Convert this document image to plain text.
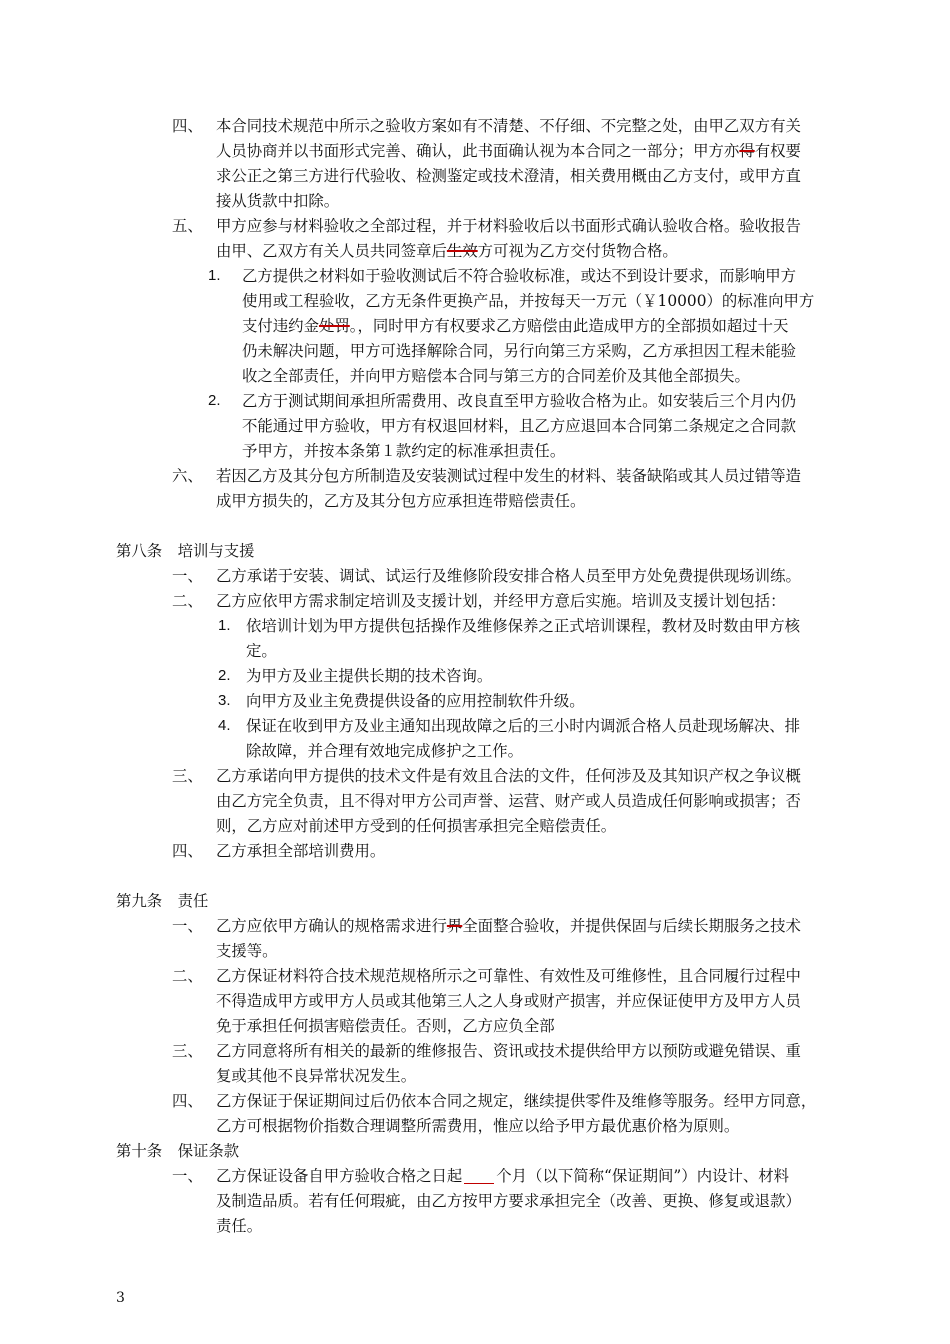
四、 本合同技术规范中所示之验收方案如有不清楚、不仔细、不完整之处，由甲乙双方有关
人员协商并以书面形式完善、确认，此书面确认视为本合同之一部分；甲方亦得有权要
求公正之第三方进行代验收、检测鉴定或技术澄清，相关费用概由乙方支付，或甲方直
接从货款中扣除。
五、 甲方应参与材料验收之全部过程，并于材料验收后以书面形式确认验收合格。验收报告
由甲、乙双方有关人员共同签章后生效方可视为乙方交付货物合格。
1. 乙方提供之材料如于验收测试后不符合验收标准，或达不到设计要求，而影响甲方
使用或工程验收，乙方无条件更换产品，并按每天一万元（￥10000）的标准向甲方
支付违约金处罚。，同时甲方有权要求乙方赔偿由此造成甲方的全部损如超过十天
仍未解决问题，甲方可选择解除合同，另行向第三方采购，乙方承担因工程未能验
收之全部责任，并向甲方赔偿本合同与第三方的合同差价及其他全部损失。
2. 乙方于测试期间承担所需费用、改良直至甲方验收合格为止。如安装后三个月内仍
不能通过甲方验收，甲方有权退回材料，且乙方应退回本合同第二条规定之合同款
予甲方，并按本条第１款约定的标准承担责任。
六、 若因乙方及其分包方所制造及安装测试过程中发生的材料、装备缺陷或其人员过错等造
成甲方损失的，乙方及其分包方应承担连带赔偿责任。
第八条　培训与支援
一、 乙方承诺于安装、调试、试运行及维修阶段安排合格人员至甲方处免费提供现场训练。
二、 乙方应依甲方需求制定培训及支援计划，并经甲方意后实施。培训及支援计划包括：
1. 依培训计划为甲方提供包括操作及维修保养之正式培训课程，教材及时数由甲方核
定。
2. 为甲方及业主提供长期的技术咨询。
3. 向甲方及业主免费提供设备的应用控制软件升级。
4. 保证在收到甲方及业主通知出现故障之后的三小时内调派合格人员赴现场解决、排
除故障，并合理有效地完成修护之工作。
三、 乙方承诺向甲方提供的技术文件是有效且合法的文件，任何涉及及其知识产权之争议概
由乙方完全负责，且不得对甲方公司声誉、运营、财产或人员造成任何影响或损害；否
则，乙方应对前述甲方受到的任何损害承担完全赔偿责任。
四、 乙方承担全部培训费用。
第九条　责任
一、 乙方应依甲方确认的规格需求进行界全面整合验收，并提供保固与后续长期服务之技术
支援等。
二、 乙方保证材料符合技术规范规格所示之可靠性、有效性及可维修性，且合同履行过程中
不得造成甲方或甲方人员或其他第三人之人身或财产损害，并应保证使甲方及甲方人员
免于承担任何损害赔偿责任。否则，乙方应负全部
三、 乙方同意将所有相关的最新的维修报告、资讯或技术提供给甲方以预防或避免错误、重
复或其他不良异常状况发生。
四、 乙方保证于保证期间过后仍依本合同之规定，继续提供零件及维修等服务。经甲方同意，
乙方可根据物价指数合理调整所需费用，惟应以给予甲方最优惠价格为原则。
第十条　保证条款
一、 乙方保证设备自甲方验收合格之日起 个月（以下简称“保证期间”）内设计、材料
及制造品质。若有任何瑕疵，由乙方按甲方要求承担完全（改善、更换、修复或退款）
责任。
3
